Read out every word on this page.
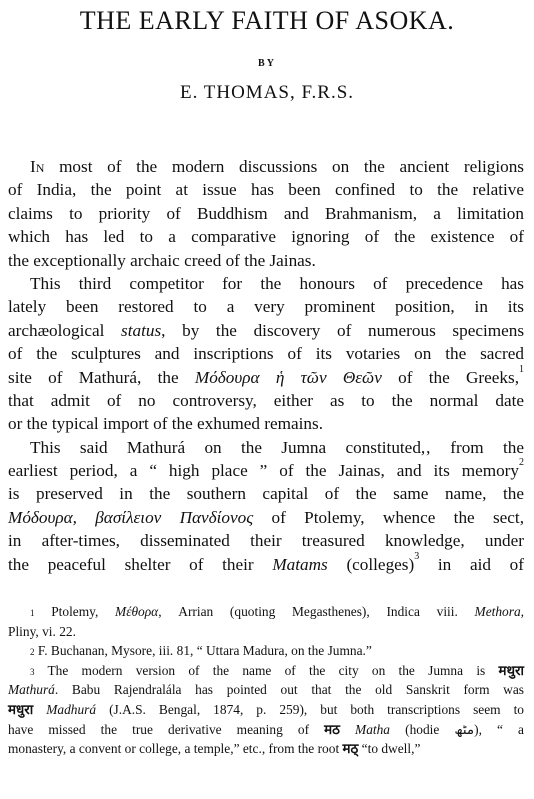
THE EARLY FAITH OF ASOKA.
BY
E. THOMAS, F.R.S.
In most of the modern discussions on the ancient religions
of India, the point at issue has been confined to the relative
claims to priority of Buddhism and Brahmanism, a limitation
which has led to a comparative ignoring of the existence of
the exceptionally archaic creed of the Jainas.
This third competitor for the honours of precedence has
lately been restored to a very prominent position, in its
archæological status, by the discovery of numerous specimens
of the sculptures and inscriptions of its votaries on the sacred
site of Mathurá, the Μόδουρα ἡ τῶν Θεῶν of the Greeks,$^1$
that admit of no controversy, either as to the normal date
or the typical import of the exhumed remains.
This said Mathurá on the Jumna constituted,‚ from the
earliest period, a “ high place ” of the Jainas, and its memory$^2$
is preserved in the southern capital of the same name, the
Μόδουρα, βασίλειον Πανδίονος of Ptolemy, whence the sect,
in after-times, disseminated their treasured knowledge, under
the peaceful shelter of their Matams (colleges)$^3$ in aid of
$^1$ Ptolemy, Μέθορα, Arrian (quoting Megasthenes), Indica viii. Methora,
Pliny, vi. 22.
$^2$ F. Buchanan, Mysore, iii. 81, “ Uttara Madura, on the Jumna.”
$^3$ The modern version of the name of the city on the Jumna is मथुरा
Mathurá. Babu Rajendralála has pointed out that the old Sanskrit form was
मधुरा Madhurá (J.A.S. Bengal, 1874, p. 259), but both transcriptions seem to
have missed the true derivative meaning of मठ Matha (hodie مٹھ), “ a
monastery, a convent or college, a temple,” etc., from the root मठ् “to dwell,”
